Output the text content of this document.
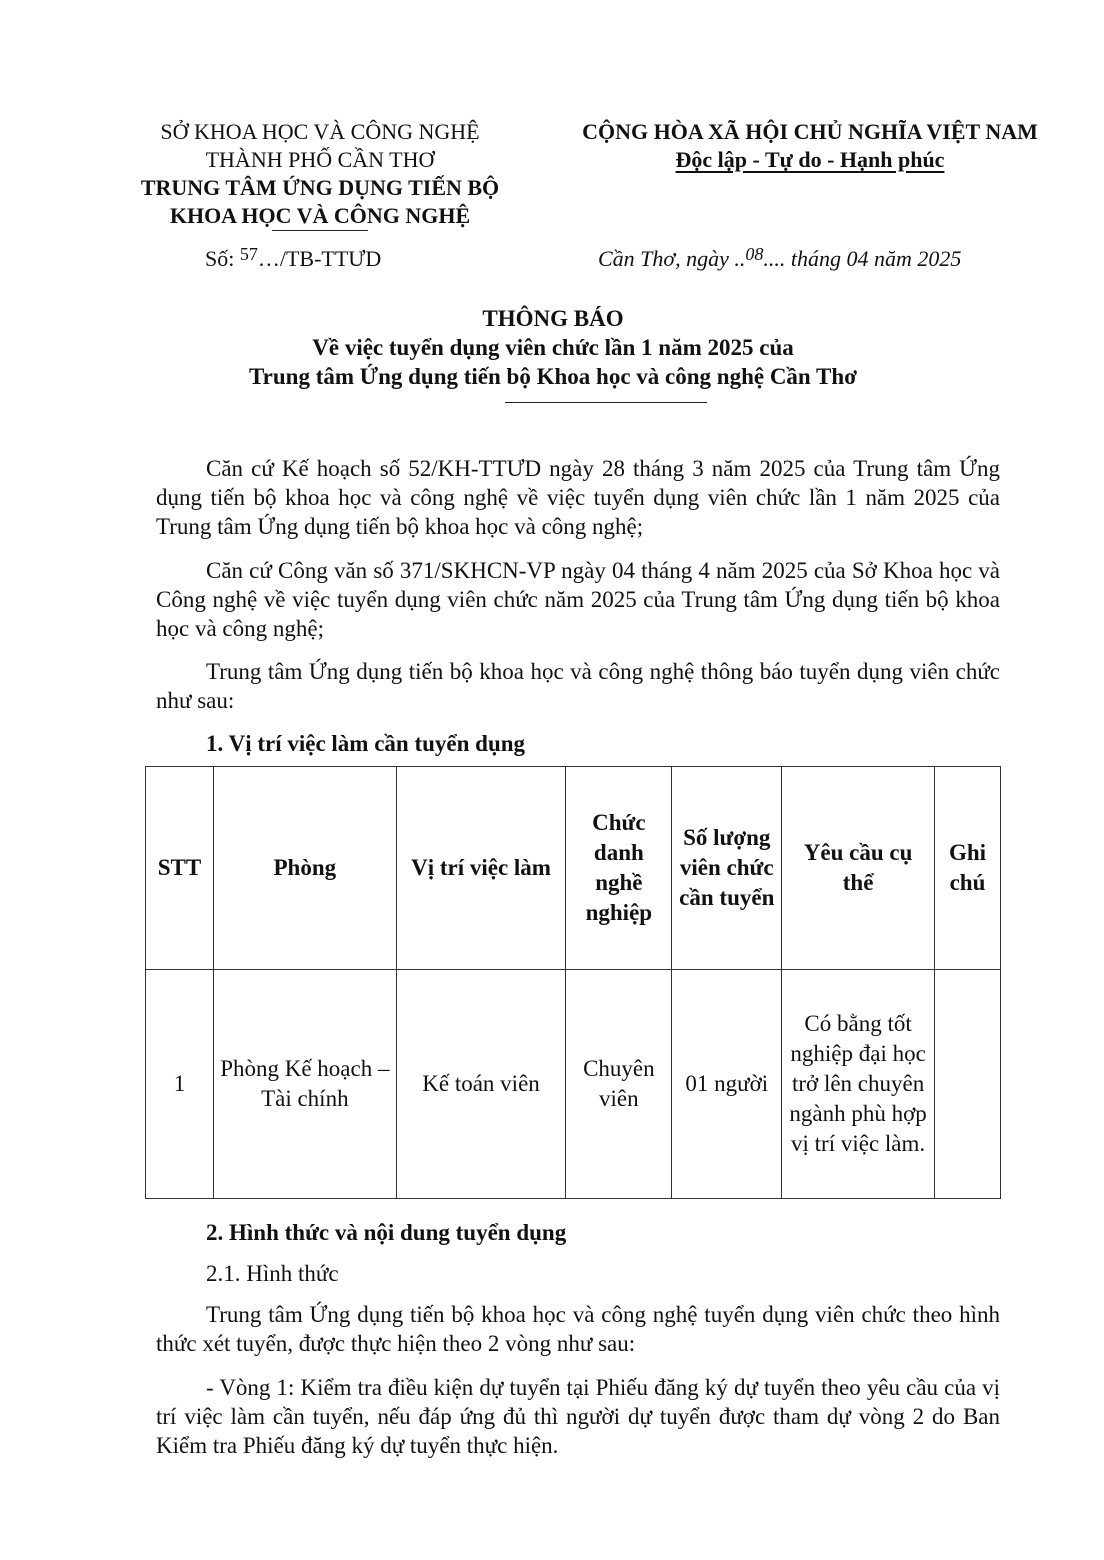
SỞ KHOA HỌC VÀ CÔNG NGHỆ
THÀNH PHỐ CẦN THƠ
TRUNG TÂM ỨNG DỤNG TIẾN BỘ
KHOA HỌC VÀ CÔNG NGHỆ
Số: $^{57}$…/TB-TTƯD
CỘNG HÒA XÃ HỘI CHỦ NGHĨA VIỆT NAM
Độc lập - Tự do - Hạnh phúc
Cần Thơ, ngày ..$^{08}$.... tháng 04 năm 2025
THÔNG BÁO
Về việc tuyển dụng viên chức lần 1 năm 2025 của
Trung tâm Ứng dụng tiến bộ Khoa học và công nghệ Cần Thơ

Căn cứ Kế hoạch số 52/KH-TTƯD ngày 28 tháng 3 năm 2025 của Trung tâm Ứng dụng tiến bộ khoa học và công nghệ về việc tuyển dụng viên chức lần 1 năm 2025 của Trung tâm Ứng dụng tiến bộ khoa học và công nghệ;

Căn cứ Công văn số 371/SKHCN-VP ngày 04 tháng 4 năm 2025 của Sở Khoa học và Công nghệ về việc tuyển dụng viên chức năm 2025 của Trung tâm Ứng dụng tiến bộ khoa học và công nghệ;

Trung tâm Ứng dụng tiến bộ khoa học và công nghệ thông báo tuyển dụng viên chức như sau:

1. Vị trí việc làm cần tuyển dụng
STT	Phòng	Vị trí việc làm	Chức danh nghề nghiệp	Số lượng viên chức cần tuyển	Yêu cầu cụ thể	Ghi chú
1	Phòng Kế hoạch – Tài chính	Kế toán viên	Chuyên viên	01 người	Có bằng tốt nghiệp đại học trở lên chuyên ngành phù hợp vị trí việc làm.	
2. Hình thức và nội dung tuyển dụng
2.1. Hình thức

Trung tâm Ứng dụng tiến bộ khoa học và công nghệ tuyển dụng viên chức theo hình thức xét tuyển, được thực hiện theo 2 vòng như sau:

- Vòng 1: Kiểm tra điều kiện dự tuyển tại Phiếu đăng ký dự tuyển theo yêu cầu của vị trí việc làm cần tuyển, nếu đáp ứng đủ thì người dự tuyển được tham dự vòng 2 do Ban Kiểm tra Phiếu đăng ký dự tuyển thực hiện.
